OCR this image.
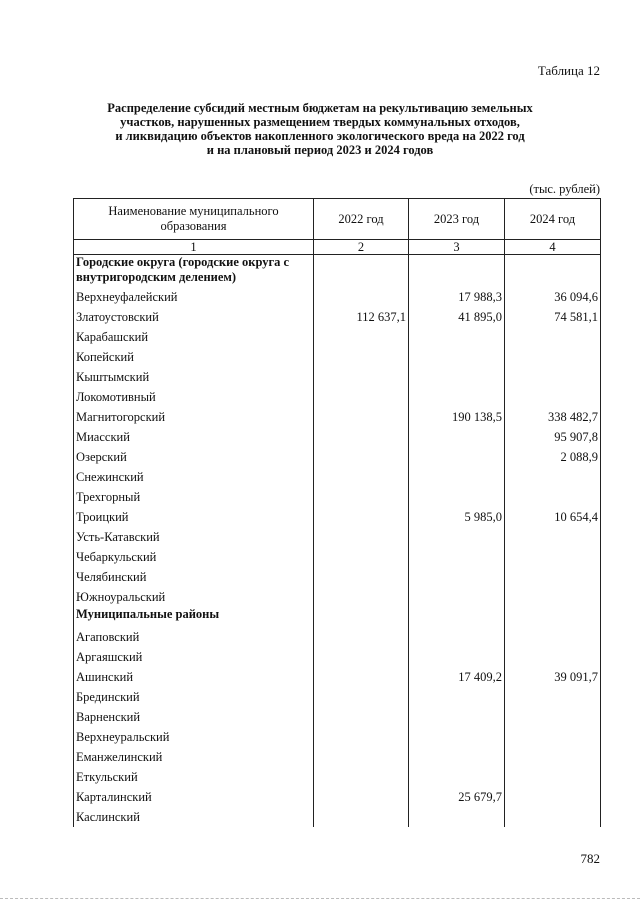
Таблица 12
Распределение субсидий местным бюджетам на рекультивацию земельных
участков, нарушенных размещением твердых коммунальных отходов,
и ликвидацию объектов накопленного экологического вреда на 2022 год
и на плановый период 2023 и 2024 годов
(тыс. рублей)
Наименование муниципального образования	2022 год	2023 год	2024 год
1	2	3	4
Городские округа (городские округа с внутригородским делением)			
Верхнеуфалейский		17 988,3	36 094,6
Златоустовский	112 637,1	41 895,0	74 581,1
Карабашский			
Копейский			
Кыштымский			
Локомотивный			
Магнитогорский		190 138,5	338 482,7
Миасский			95 907,8
Озерский			2 088,9
Снежинский			
Трехгорный			
Троицкий		5 985,0	10 654,4
Усть-Катавский			
Чебаркульский			
Челябинский			
Южноуральский			
Муниципальные районы			
Агаповский			
Аргаяшский			
Ашинский		17 409,2	39 091,7
Брединский			
Варненский			
Верхнеуральский			
Еманжелинский			
Еткульский			
Карталинский		25 679,7	
Каслинский			
782
